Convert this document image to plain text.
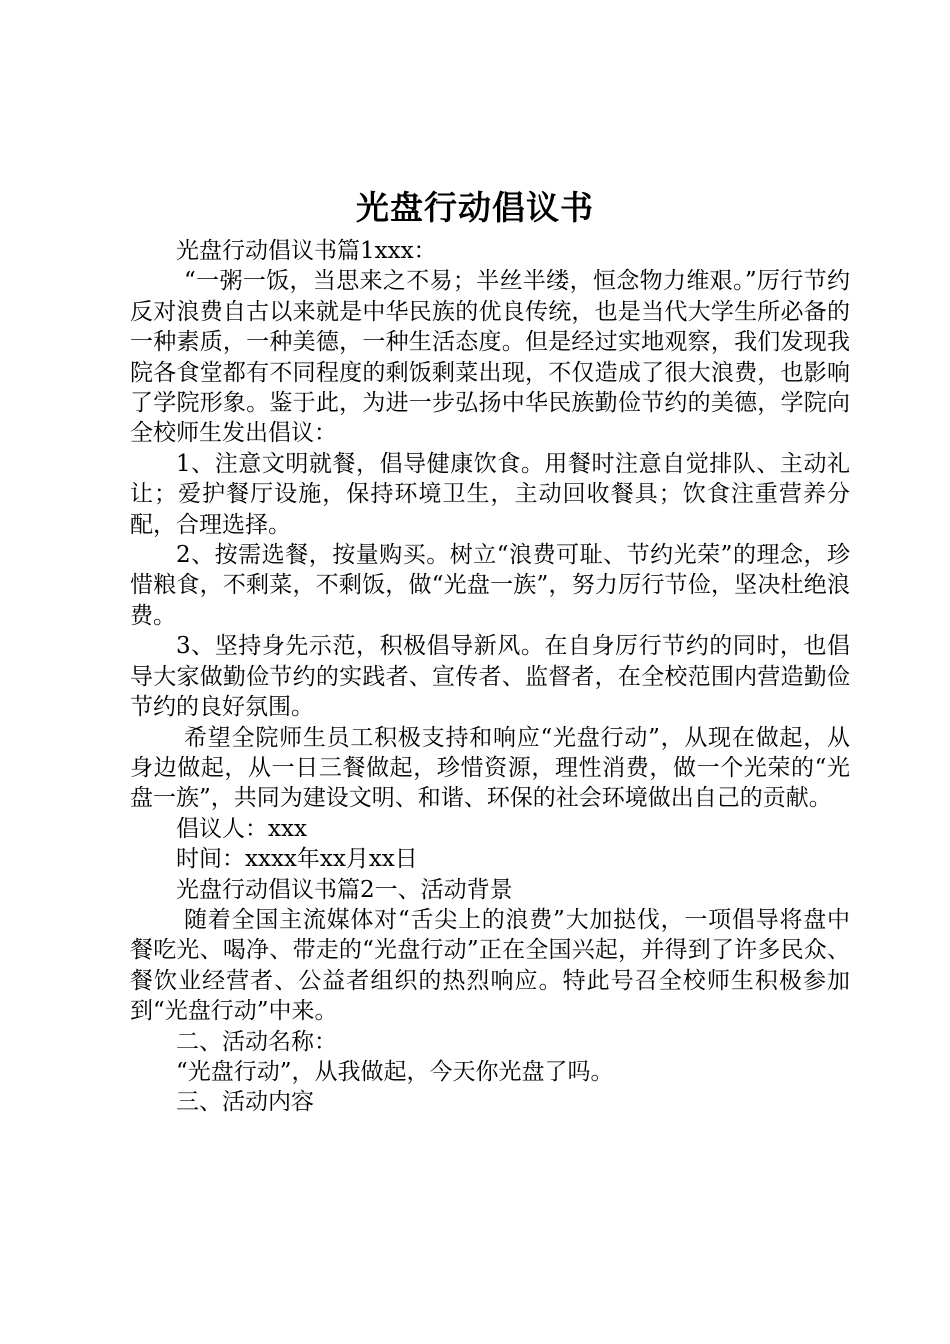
光盘行动倡议书

光盘行动倡议书篇1xxx：

“一粥一饭，当思来之不易；半丝半缕，恒念物力维艰。”厉行节约反对浪费自古以来就是中华民族的优良传统，也是当代大学生所必备的一种素质，一种美德，一种生活态度。但是经过实地观察，我们发现我院各食堂都有不同程度的剩饭剩菜出现，不仅造成了很大浪费，也影响了学院形象。鉴于此，为进一步弘扬中华民族勤俭节约的美德，学院向全校师生发出倡议：

1、注意文明就餐，倡导健康饮食。用餐时注意自觉排队、主动礼让；爱护餐厅设施，保持环境卫生，主动回收餐具；饮食注重营养分配，合理选择。

2、按需选餐，按量购买。树立“浪费可耻、节约光荣”的理念，珍惜粮食，不剩菜，不剩饭，做“光盘一族”，努力厉行节俭，坚决杜绝浪费。

3、坚持身先示范，积极倡导新风。在自身厉行节约的同时，也倡导大家做勤俭节约的实践者、宣传者、监督者，在全校范围内营造勤俭节约的良好氛围。

希望全院师生员工积极支持和响应“光盘行动”，从现在做起，从身边做起，从一日三餐做起，珍惜资源，理性消费，做一个光荣的“光盘一族”，共同为建设文明、和谐、环保的社会环境做出自己的贡献。

倡议人：xxx

时间：xxxx年xx月xx日

光盘行动倡议书篇2一、活动背景

随着全国主流媒体对“舌尖上的浪费”大加挞伐，一项倡导将盘中餐吃光、喝净、带走的“光盘行动”正在全国兴起，并得到了许多民众、餐饮业经营者、公益者组织的热烈响应。特此号召全校师生积极参加到“光盘行动”中来。

二、活动名称：

“光盘行动”，从我做起，今天你光盘了吗。

三、活动内容
